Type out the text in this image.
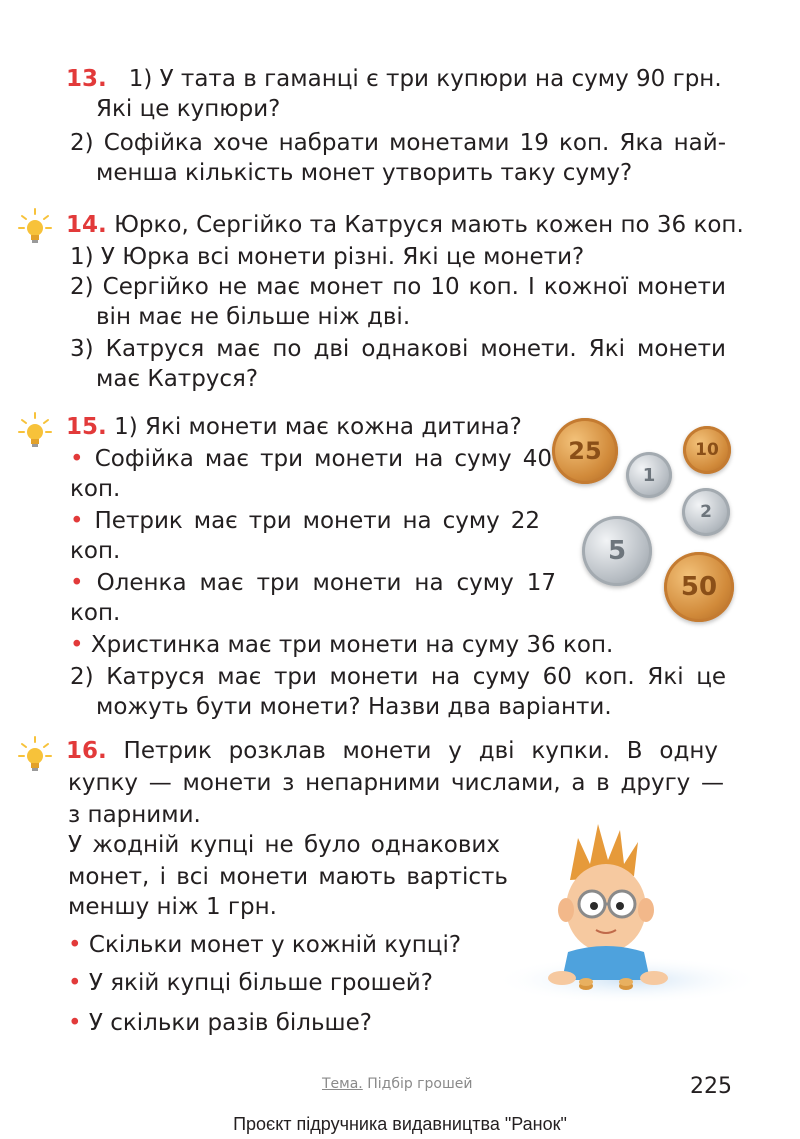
13. 1) У тата в гаманці є три купюри на суму 90 грн.
Які це купюри?
2) Софійка хоче набрати монетами 19 коп. Яка най-
менша кількість монет утворить таку суму?
14. Юрко, Сергійко та Катруся мають кожен по 36 коп.
1) У Юрка всі монети різні. Які це монети?
2) Сергійко не має монет по 10 коп. І кожної монети
він має не більше ніж дві.
3) Катруся має по дві однакові монети. Які монети
має Катруся?
15. 1) Які монети має кожна дитина?
• Софійка має три монети на суму 40
коп.
• Петрик має три монети на суму 22
коп.
• Оленка має три монети на суму 17
коп.
• Христинка має три монети на суму 36 коп.
2) Катруся має три монети на суму 60 коп. Які це
можуть бути монети? Назви два варіанти.
25
1
10
2
5
50
16. Петрик розклав монети у дві купки. В одну
купку — монети з непарними числами, а в другу —
з парними.
У жодній купці не було однакових
монет, і всі монети мають вартість
меншу ніж 1 грн.
• Скільки монет у кожній купці?
• У якій купці більше грошей?
• У скільки разів більше?
Тема. Підбір грошей	225
Проєкт підручника видавництва "Ранок"
